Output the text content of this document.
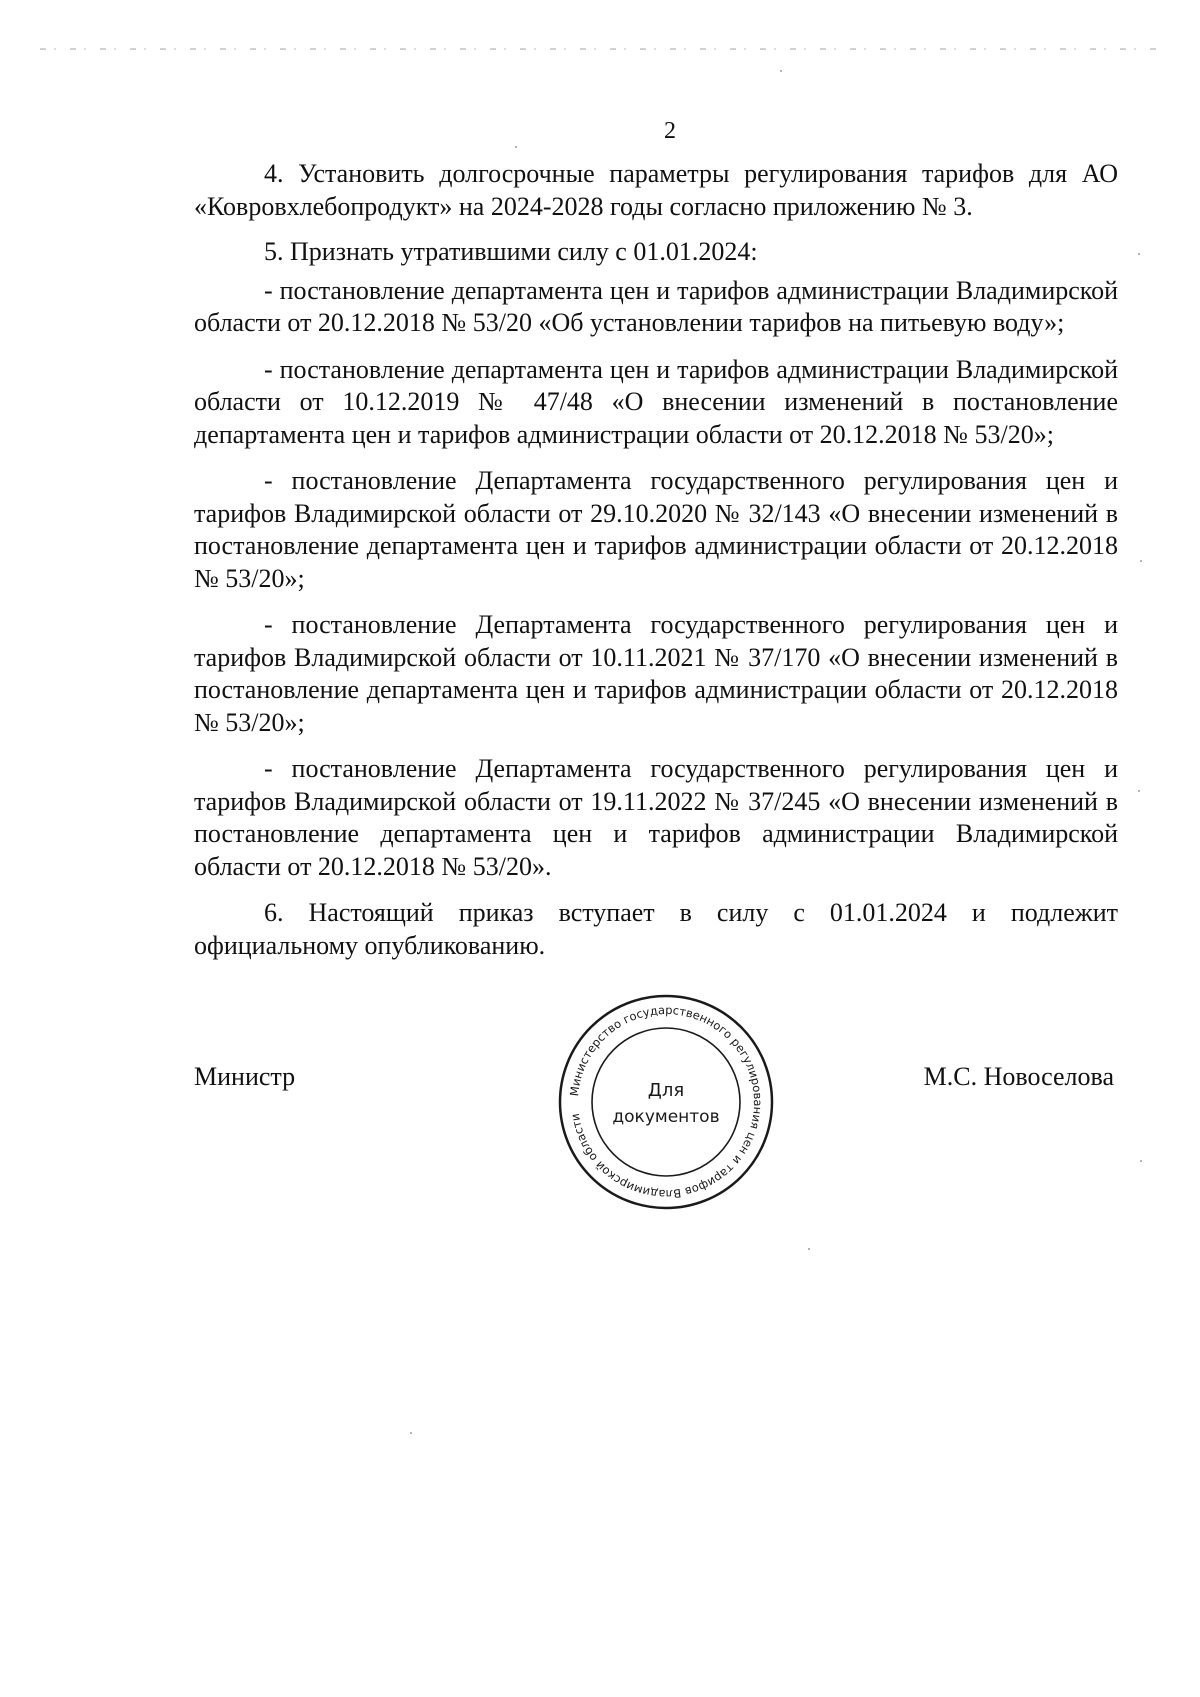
2

4. Установить долгосрочные параметры регулирования тарифов для АО «Ковровхлебопродукт» на 2024-2028 годы согласно приложению № 3.

5. Признать утратившими силу с 01.01.2024:

- постановление департамента цен и тарифов администрации Владимирской области от 20.12.2018 № 53/20 «Об установлении тарифов на питьевую воду»;

- постановление департамента цен и тарифов администрации Владимирской области от 10.12.2019 № 47/48 «О внесении изменений в постановление департамента цен и тарифов администрации области от 20.12.2018 № 53/20»;

- постановление Департамента государственного регулирования цен и тарифов Владимирской области от 29.10.2020 № 32/143 «О внесении изменений в постановление департамента цен и тарифов администрации области от 20.12.2018 № 53/20»;

- постановление Департамента государственного регулирования цен и тарифов Владимирской области от 10.11.2021 № 37/170 «О внесении изменений в постановление департамента цен и тарифов администрации области от 20.12.2018 № 53/20»;

- постановление Департамента государственного регулирования цен и тарифов Владимирской области от 19.11.2022 № 37/245 «О внесении изменений в постановление департамента цен и тарифов администрации Владимирской области от 20.12.2018 № 53/20».

6. Настоящий приказ вступает в силу с 01.01.2024 и подлежит официальному опубликованию.

Министр	М.С. Новоселова
Министерство государственного регулирования цен и тарифов Владимирской области
Для
документов
